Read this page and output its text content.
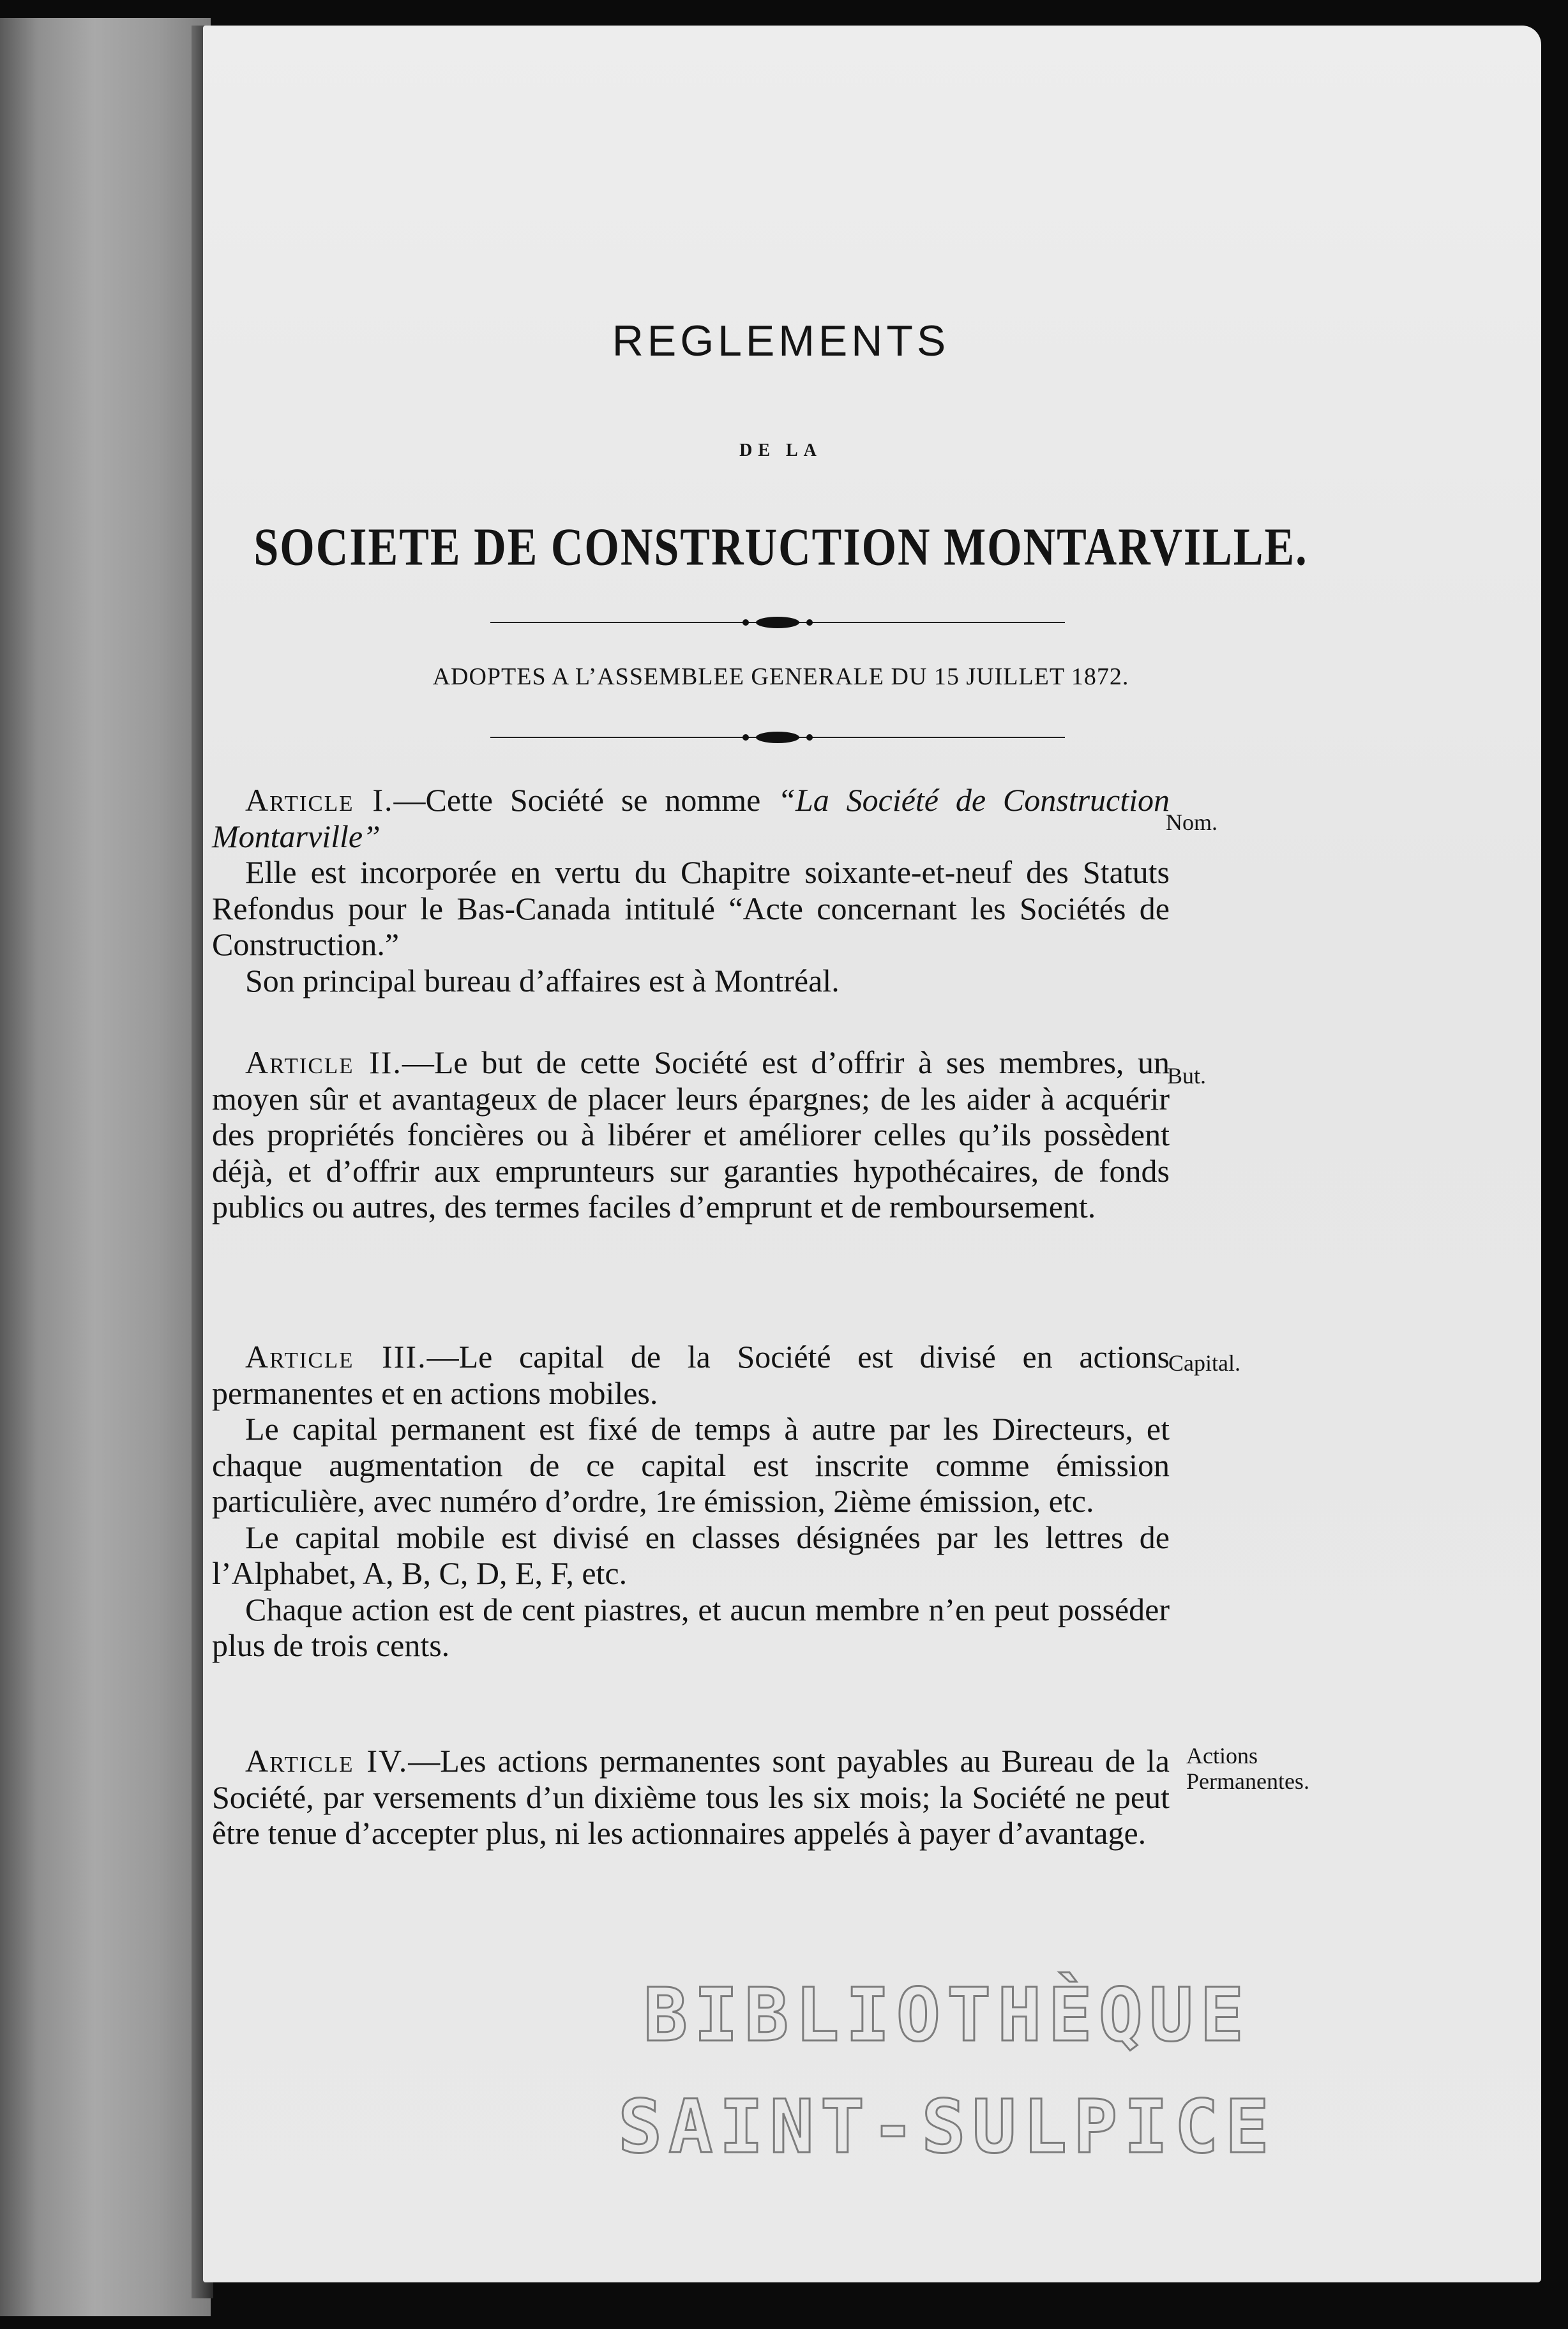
REGLEMENTS
DE LA
SOCIETE DE CONSTRUCTION MONTARVILLE.
ADOPTES A L’ASSEMBLEE GENERALE DU 15 JUILLET 1872.

Article I.—Cette Société se nomme “La Société de Construction Montarville”

Elle est incorporée en vertu du Chapitre soixante-et-neuf des Statuts Refondus pour le Bas-Canada intitulé “Acte concernant les Sociétés de Construction.”

Son principal bureau d’affaires est à Montréal.

Nom.

Article II.—Le but de cette Société est d’offrir à ses membres, un moyen sûr et avantageux de placer leurs épargnes; de les aider à acquérir des propriétés foncières ou à libérer et améliorer celles qu’ils possèdent déjà, et d’offrir aux emprunteurs sur garanties hypothécaires, de fonds publics ou autres, des termes faciles d’emprunt et de remboursement.

But.

Article III.—Le capital de la Société est divisé en actions permanentes et en actions mobiles.

Le capital permanent est fixé de temps à autre par les Directeurs, et chaque augmentation de ce capital est inscrite comme émission particulière, avec numéro d’ordre, 1re émission, 2ième émission, etc.

Le capital mobile est divisé en classes désignées par les lettres de l’Alphabet, A, B, C, D, E, F, etc.

Chaque action est de cent piastres, et aucun membre n’en peut posséder plus de trois cents.

Capital.

Article IV.—Les actions permanentes sont payables au Bureau de la Société, par versements d’un dixième tous les six mois; la Société ne peut être tenue d’accepter plus, ni les actionnaires appelés à payer d’avantage.

Actions Permanentes.
BIBLIOTHÈQUE
SAINT-SULPICE
